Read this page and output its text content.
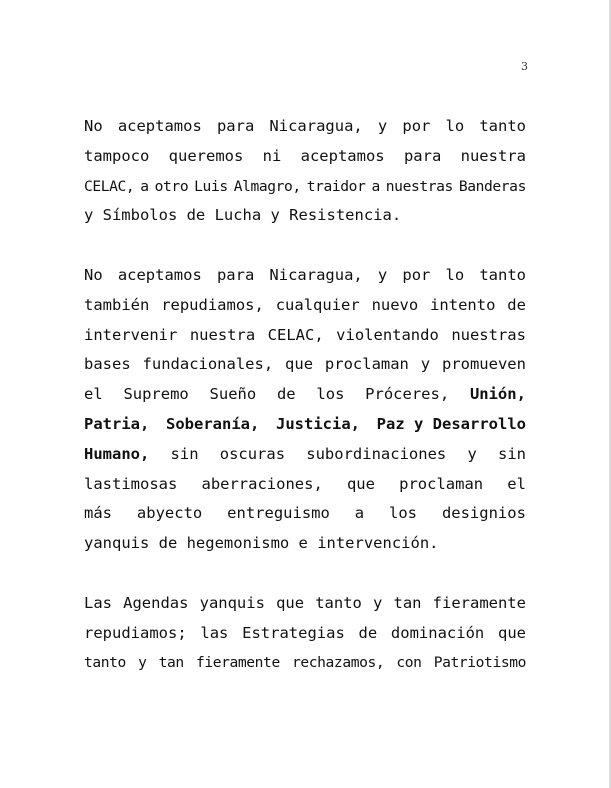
3
No aceptamos para Nicaragua, y por lo tanto
tampoco queremos ni aceptamos para nuestra
CELAC, a otro Luis Almagro, traidor a nuestras Banderas
y Símbolos de Lucha y Resistencia.
No aceptamos para Nicaragua, y por lo tanto
también repudiamos, cualquier nuevo intento de
intervenir nuestra CELAC, violentando nuestras
bases fundacionales, que proclaman y promueven
el Supremo Sueño de los Próceres, Unión,
Patria, Soberanía, Justicia, Paz y Desarrollo
Humano, sin oscuras subordinaciones y sin
lastimosas aberraciones, que proclaman el
más abyecto entreguismo a los designios
yanquis de hegemonismo e intervención.
Las Agendas yanquis que tanto y tan fieramente
repudiamos; las Estrategias de dominación que
tanto y tan fieramente rechazamos, con Patriotismo
